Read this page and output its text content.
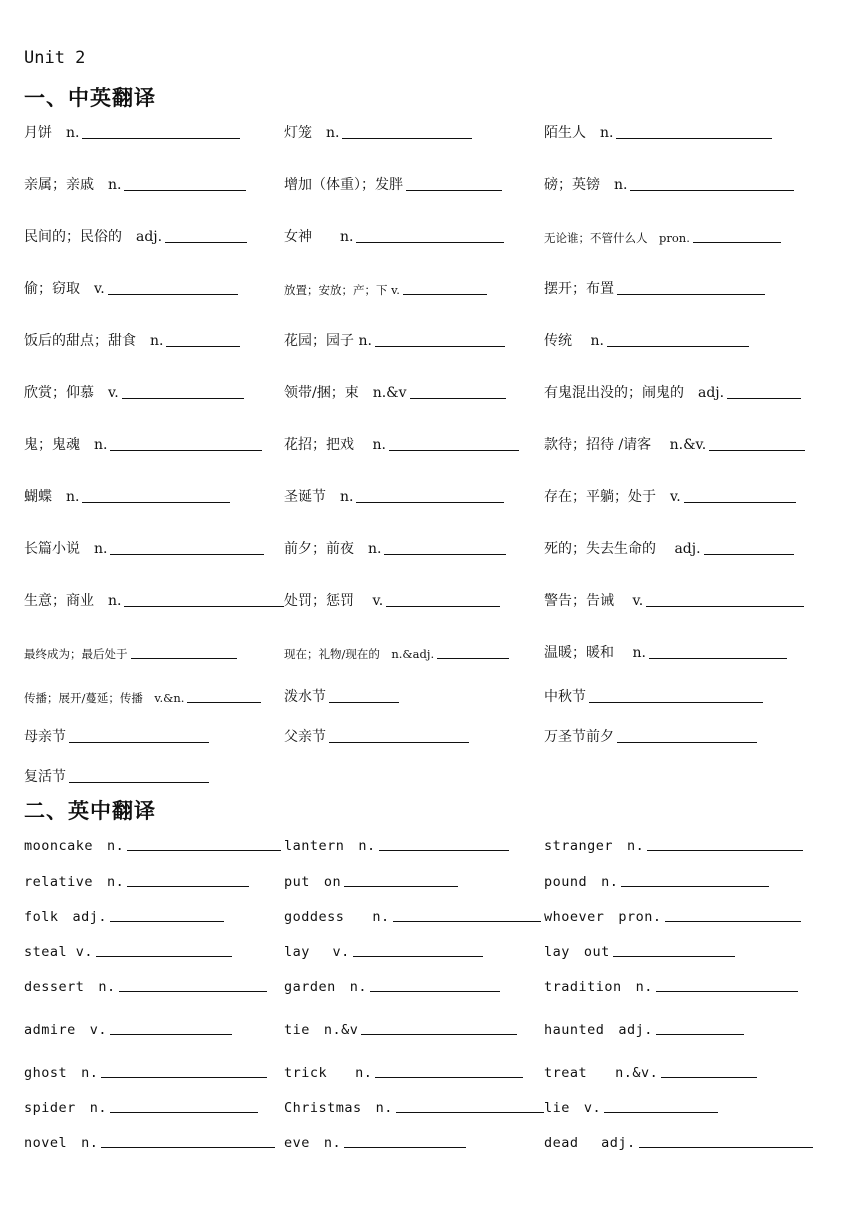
Unit 2
一、中英翻译
二、英中翻译
月饼　n.	灯笼　n.	陌生人　n.
亲属；亲戚　n.	增加（体重）；发胖	磅；英镑　n.
民间的；民俗的　adj.	女神　　n.	无论谁；不管什么人　pron.
偷；窃取　v.	放置；安放；产；下 v.	摆开；布置
饭后的甜点；甜食　n.	花园；园子 n.	传统　 n.
欣赏；仰慕　v.	领带/捆；束　n.&v	有鬼混出没的；闹鬼的　adj.
鬼；鬼魂　n.	花招；把戏　 n.	款待；招待 /请客　 n.&v.
蝴蝶　n.	圣诞节　n.	存在；平躺；处于　v.
长篇小说　n.	前夕；前夜　n.	死的；失去生命的　 adj.
生意；商业　n.	处罚；惩罚　 v.	警告；告诫　 v.
最终成为；最后处于	现在；礼物/现在的　n.&adj.	温暖；暖和　 n.
传播；展开/蔓延；传播　v.&n.	泼水节	中秋节
母亲节	父亲节	万圣节前夕
复活节
mooncake　n.	lantern　n.	stranger　n.
relative　n.	put　on	pound　n.
folk　adj.	goddess　　n.	whoever　pron.
steal v.	lay　 v.	lay　out
dessert　n.	garden　n.	tradition　n.
admire　v.	tie　n.&v	haunted　adj.
ghost　n.	trick　　n.	treat　　n.&v.
spider　n.	Christmas　n.	lie　v.
novel　n.	eve　n.	dead　 adj.
